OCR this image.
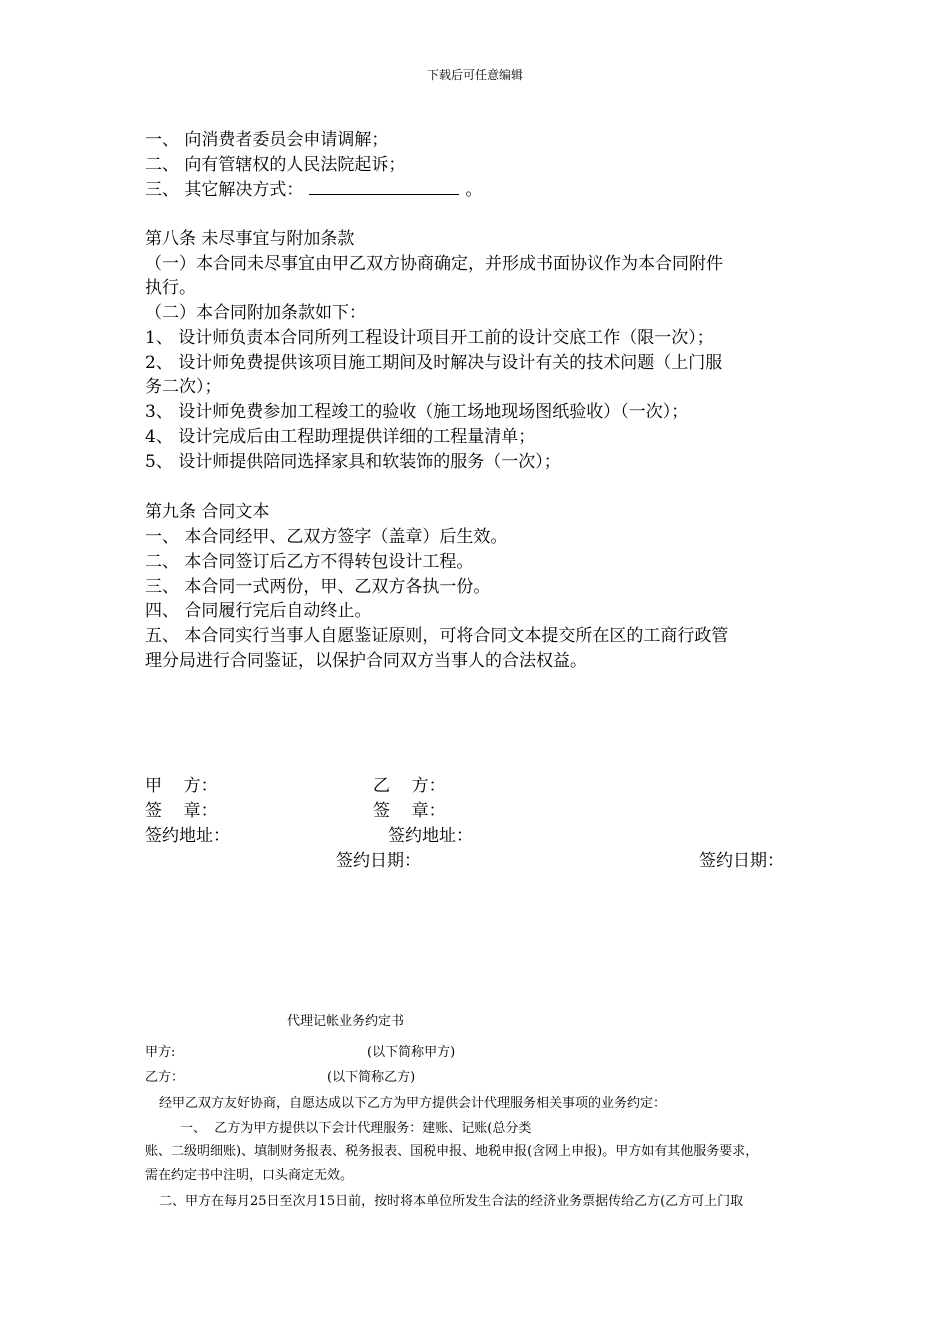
下载后可任意编辑
一、 向消费者委员会申请调解；
二、 向有管辖权的人民法院起诉；
三、 其它解决方式：	。
第八条 未尽事宜与附加条款
（一）本合同未尽事宜由甲乙双方协商确定，并形成书面协议作为本合同附件
执行。
（二）本合同附加条款如下：
1、 设计师负责本合同所列工程设计项目开工前的设计交底工作（限一次）；
2、 设计师免费提供该项目施工期间及时解决与设计有关的技术问题（上门服
务二次）；
3、 设计师免费参加工程竣工的验收（施工场地现场图纸验收）（一次）；
4、 设计完成后由工程助理提供详细的工程量清单；
5、 设计师提供陪同选择家具和软装饰的服务（一次）；
第九条 合同文本
一、 本合同经甲、乙双方签字（盖章）后生效。
二、 本合同签订后乙方不得转包设计工程。
三、 本合同一式两份，甲、乙双方各执一份。
四、 合同履行完后自动终止。
五、 本合同实行当事人自愿鉴证原则，可将合同文本提交所在区的工商行政管
理分局进行合同鉴证，以保护合同双方当事人的合法权益。
甲    方：	乙    方：
签    章：	签    章：
签约地址：	签约地址：
签约日期：	签约日期：
代理记帐业务约定书
甲方:	(以下简称甲方)
乙方：	(以下简称乙方)
经甲乙双方友好协商，自愿达成以下乙方为甲方提供会计代理服务相关事项的业务约定：
一、  乙方为甲方提供以下会计代理服务：建账、记账(总分类
账、二级明细账)、填制财务报表、税务报表、国税申报、地税申报(含网上申报)。甲方如有其他服务要求，
需在约定书中注明，口头商定无效。
二、甲方在每月25日至次月15日前，按时将本单位所发生合法的经济业务票据传给乙方(乙方可上门取
